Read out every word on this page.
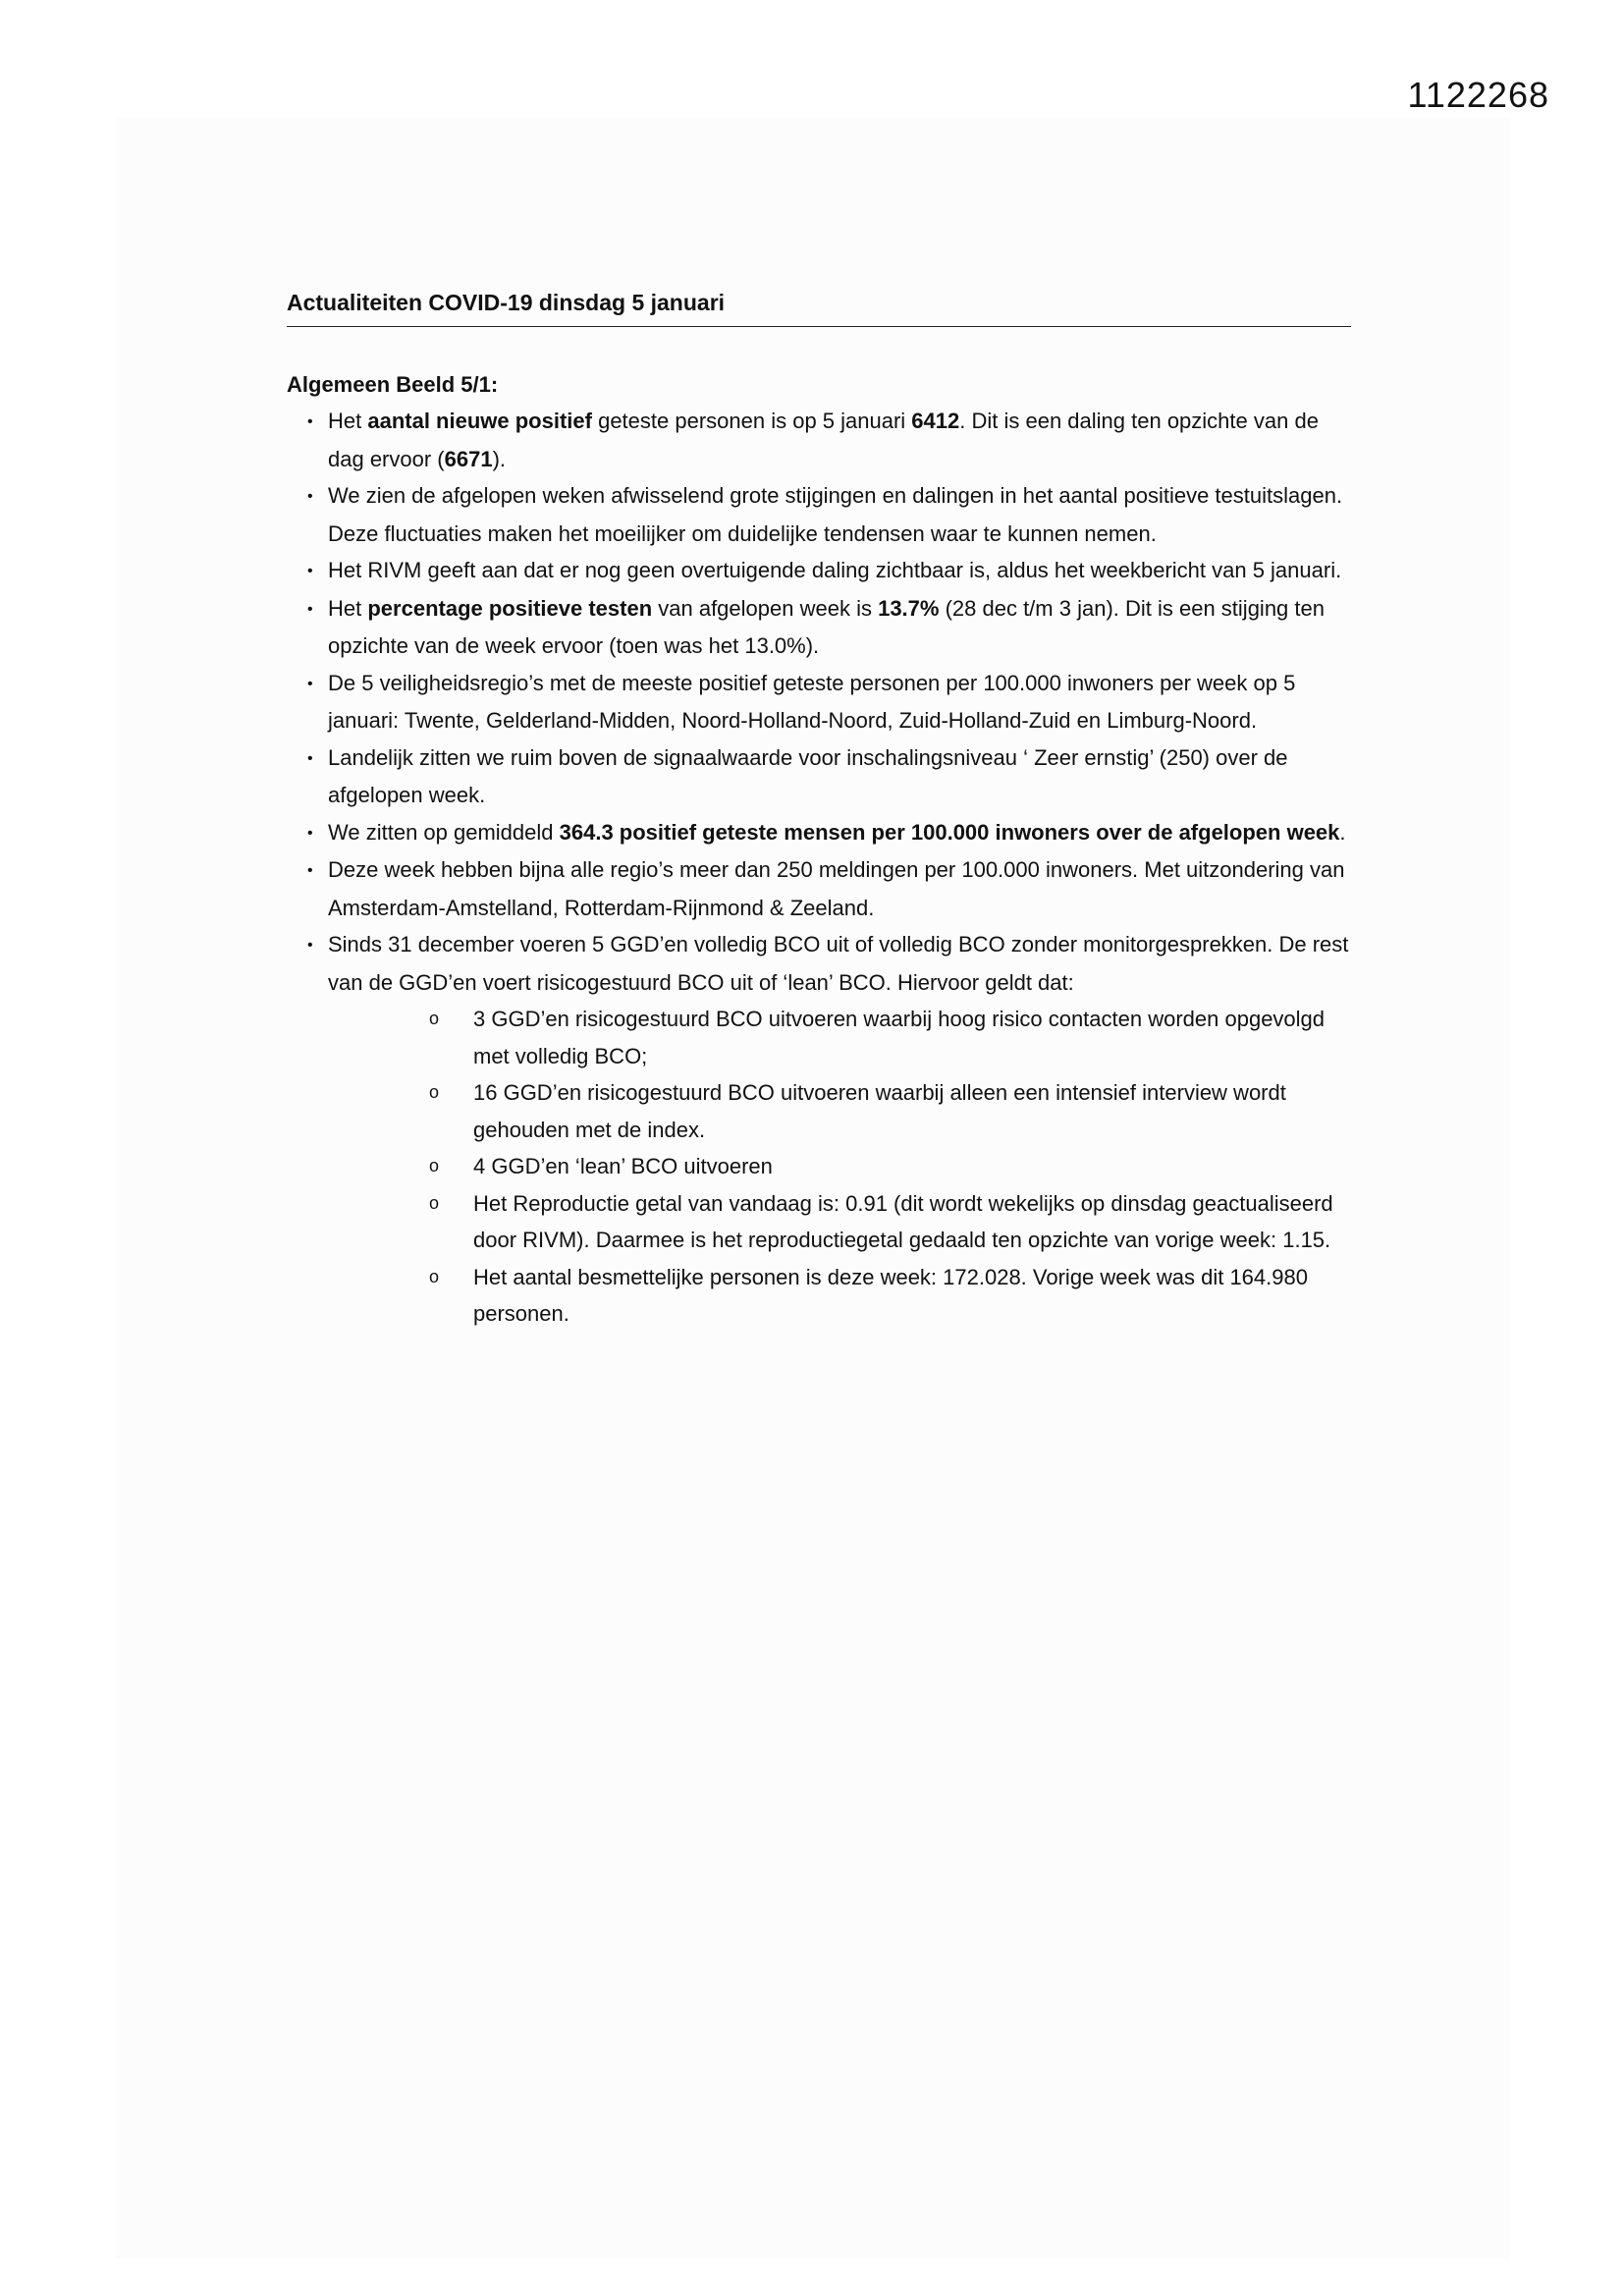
1122268
Actualiteiten COVID-19 dinsdag 5 januari
Algemeen Beeld 5/1:
• Het aantal nieuwe positief geteste personen is op 5 januari 6412. Dit is een daling ten opzichte van de dag ervoor (6671).
• We zien de afgelopen weken afwisselend grote stijgingen en dalingen in het aantal positieve testuitslagen. Deze fluctuaties maken het moeilijker om duidelijke tendensen waar te kunnen nemen.
• Het RIVM geeft aan dat er nog geen overtuigende daling zichtbaar is, aldus het weekbericht van 5 januari.
• Het percentage positieve testen van afgelopen week is 13.7% (28 dec t/m 3 jan). Dit is een stijging ten opzichte van de week ervoor (toen was het 13.0%).
• De 5 veiligheidsregio’s met de meeste positief geteste personen per 100.000 inwoners per week op 5 januari: Twente, Gelderland-Midden, Noord-Holland-Noord, Zuid-Holland-Zuid en Limburg-Noord.
• Landelijk zitten we ruim boven de signaalwaarde voor inschalingsniveau ‘ Zeer ernstig’ (250) over de afgelopen week.
• We zitten op gemiddeld 364.3 positief geteste mensen per 100.000 inwoners over de afgelopen week.
• Deze week hebben bijna alle regio’s meer dan 250 meldingen per 100.000 inwoners. Met uitzondering van Amsterdam-Amstelland, Rotterdam-Rijnmond & Zeeland.
• Sinds 31 december voeren 5 GGD’en volledig BCO uit of volledig BCO zonder monitorgesprekken. De rest van de GGD’en voert risicogestuurd BCO uit of ‘lean’ BCO. Hiervoor geldt dat:
o 3 GGD’en risicogestuurd BCO uitvoeren waarbij hoog risico contacten worden opgevolgd met volledig BCO;
o 16 GGD’en risicogestuurd BCO uitvoeren waarbij alleen een intensief interview wordt gehouden met de index.
o 4 GGD’en ‘lean’ BCO uitvoeren
o Het Reproductie getal van vandaag is: 0.91 (dit wordt wekelijks op dinsdag geactualiseerd door RIVM). Daarmee is het reproductiegetal gedaald ten opzichte van vorige week: 1.15.
o Het aantal besmettelijke personen is deze week: 172.028. Vorige week was dit 164.980 personen.
